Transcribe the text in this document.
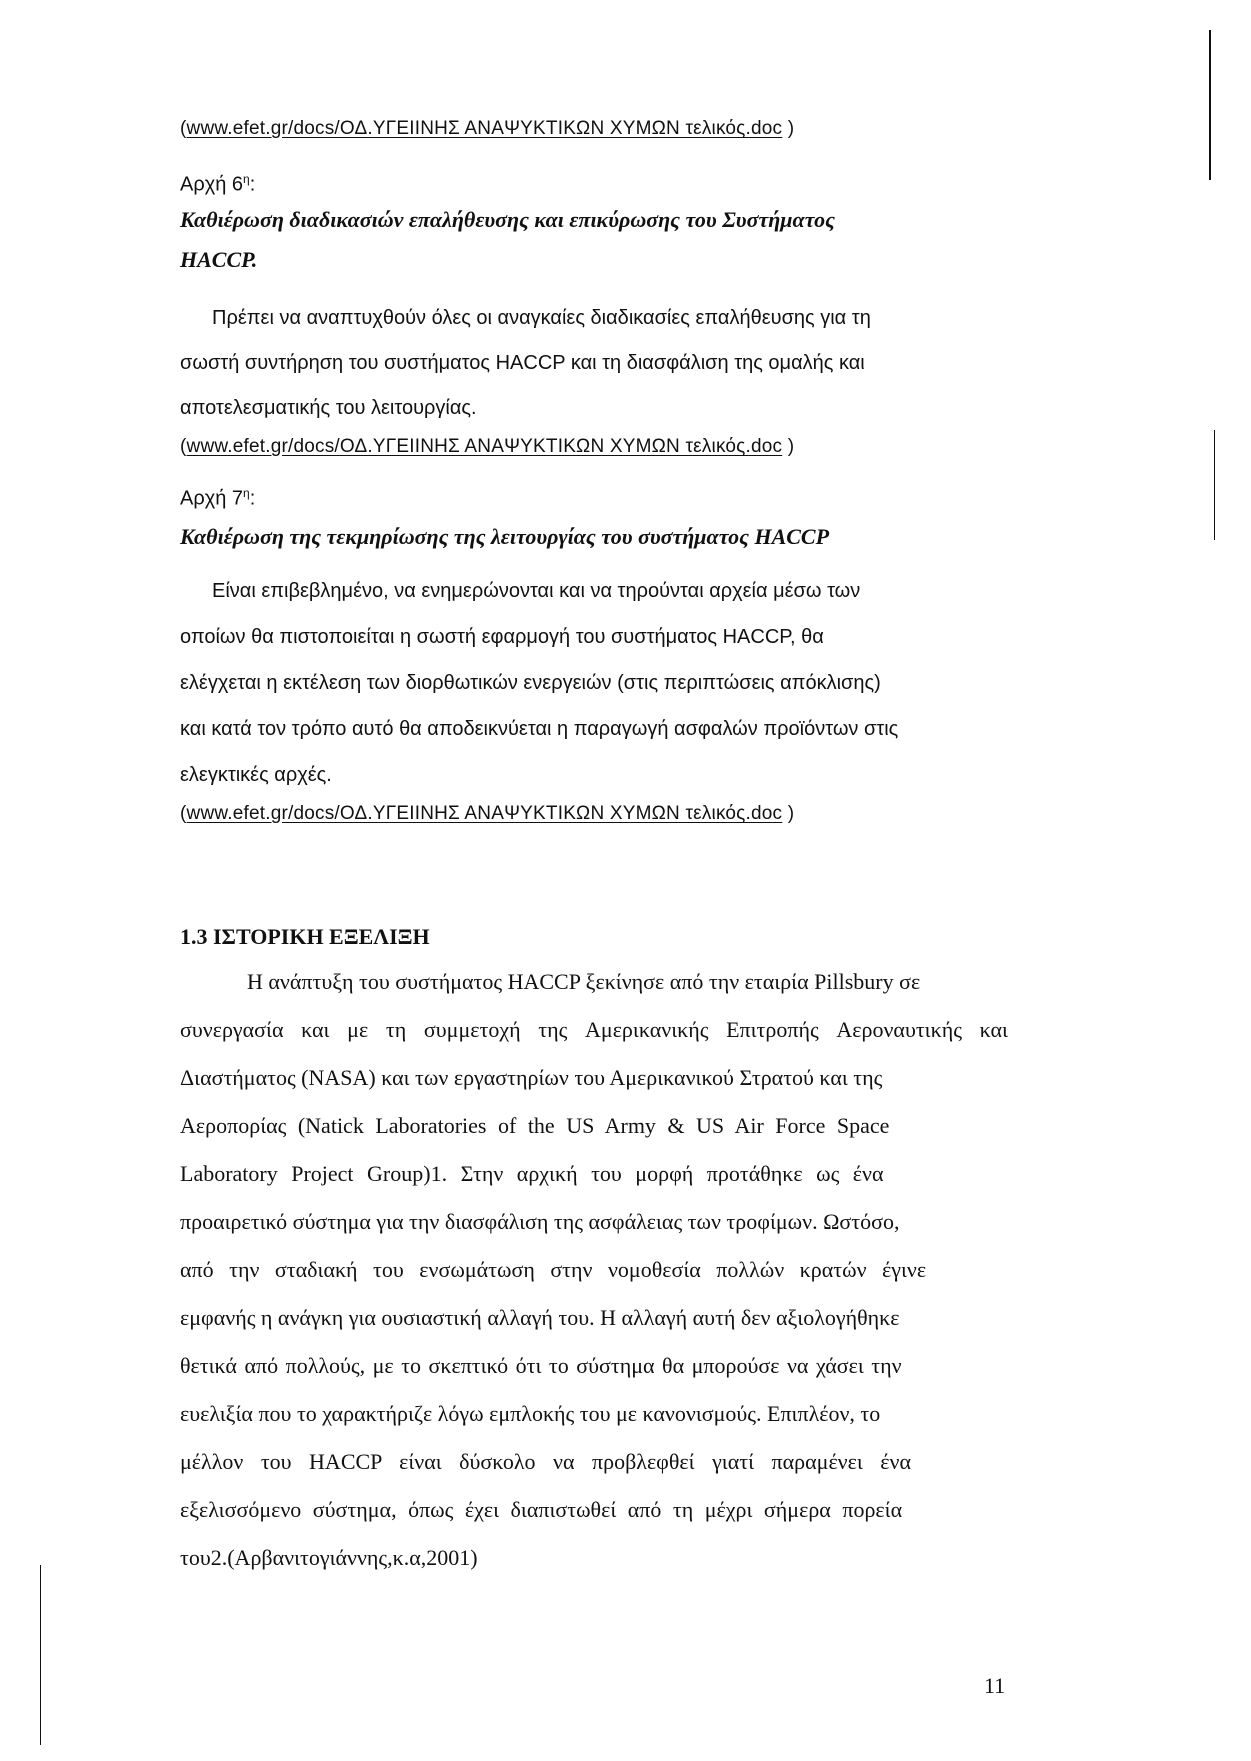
(www.efet.gr/docs/ΟΔ.ΥΓΕΙΙΝΗΣ ΑΝΑΨΥΚΤΙΚΩΝ ΧΥΜΩΝ τελικός.doc )
Αρχή $6^\eta$:
Καθιέρωση διαδικασιών επαλήθευσης και επικύρωσης του Συστήματος
HACCP.
Πρέπει να αναπτυχθούν όλες οι αναγκαίες διαδικασίες επαλήθευσης για τη
σωστή συντήρηση του συστήματος HACCP και τη διασφάλιση της ομαλής και
αποτελεσματικής του λειτουργίας.
(www.efet.gr/docs/ΟΔ.ΥΓΕΙΙΝΗΣ ΑΝΑΨΥΚΤΙΚΩΝ ΧΥΜΩΝ τελικός.doc )
Αρχή $7^\eta$:
Καθιέρωση της τεκμηρίωσης της λειτουργίας του συστήματος HACCP
Είναι επιβεβλημένο, να ενημερώνονται και να τηρούνται αρχεία μέσω των
οποίων θα πιστοποιείται η σωστή εφαρμογή του συστήματος HACCP, θα
ελέγχεται η εκτέλεση των διορθωτικών ενεργειών (στις περιπτώσεις απόκλισης)
και κατά τον τρόπο αυτό θα αποδεικνύεται η παραγωγή ασφαλών προϊόντων στις
ελεγκτικές αρχές.
(www.efet.gr/docs/ΟΔ.ΥΓΕΙΙΝΗΣ ΑΝΑΨΥΚΤΙΚΩΝ ΧΥΜΩΝ τελικός.doc )
1.3 ΙΣΤΟΡΙΚΗ ΕΞΕΛΙΞΗ
Η ανάπτυξη του συστήματος HACCP ξεκίνησε από την εταιρία Pillsbury σε
συνεργασία και με τη συμμετοχή της Αμερικανικής Επιτροπής Αεροναυτικής και
Διαστήματος (NASA) και των εργαστηρίων του Αμερικανικού Στρατού και της
Αεροπορίας (Natick Laboratories of the US Army & US Air Force Space
Laboratory Project Group)1. Στην αρχική του μορφή προτάθηκε ως ένα
προαιρετικό σύστημα για την διασφάλιση της ασφάλειας των τροφίμων. Ωστόσο,
από την σταδιακή του ενσωμάτωση στην νομοθεσία πολλών κρατών έγινε
εμφανής η ανάγκη για ουσιαστική αλλαγή του. Η αλλαγή αυτή δεν αξιολογήθηκε
θετικά από πολλούς, με το σκεπτικό ότι το σύστημα θα μπορούσε να χάσει την
ευελιξία που το χαρακτήριζε λόγω εμπλοκής του με κανονισμούς. Επιπλέον, το
μέλλον του HACCP είναι δύσκολο να προβλεφθεί γιατί παραμένει ένα
εξελισσόμενο σύστημα, όπως έχει διαπιστωθεί από τη μέχρι σήμερα πορεία
του2.(Αρβανιτογιάννης,κ.α,2001)
11
